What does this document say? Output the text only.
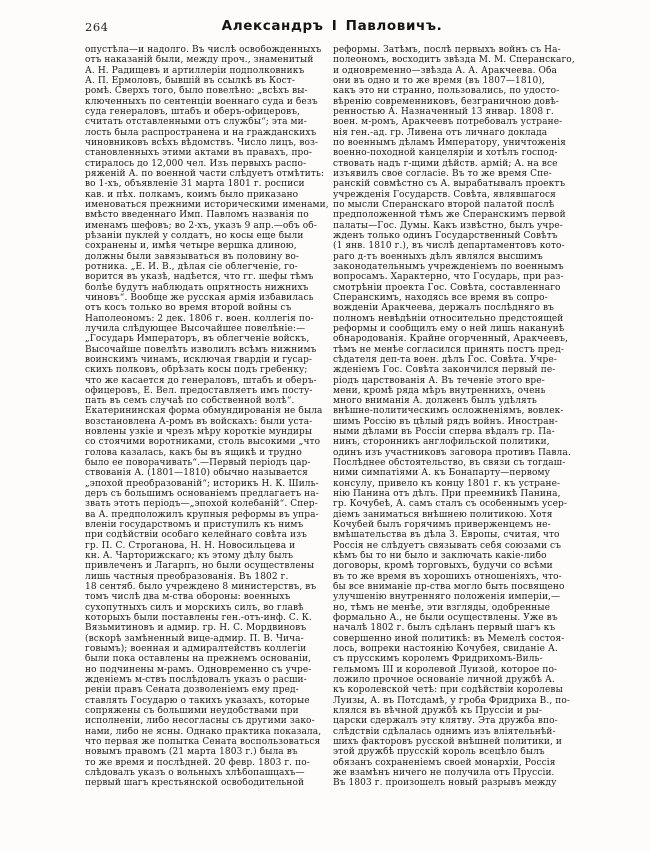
264	Александръ I Павловичъ.
опустѣла—и надолго. Въ числѣ освобожденныхъ
отъ наказаній были, между проч., знаменитый
А. Н. Радищевъ и артиллеріи подполковникъ
А. П. Ермоловъ, бывшій въ ссылкѣ въ Кост-
ромѣ. Сверхъ того, было повелѣно: „всѣхъ вы-
ключенныхъ по сентенціи военнаго суда и безъ
суда генераловъ, штабъ и оберъ-офицеровъ,
считать отставленными отъ службы“; эта ми-
лость была распространена и на гражданскихъ
чиновниковъ всѣхъ вѣдомствъ. Число лицъ, воз-
становленныхъ этими актами въ правахъ, про-
стиралось до 12,000 чел. Изъ первыхъ распо-
ряженій А. по военной части слѣдуетъ отмѣтить:
во 1-хъ, объявленіе 31 марта 1801 г. росписи
кав. и пѣх. полкамъ, коимъ было приказано
именоваться прежними историческими именами,
вмѣсто введеннаго Имп. Павломъ названія по
именамъ шефовъ; во 2-хъ, указъ 9 апр.—объ об-
рѣзаніи пуклей у солдатъ, но косы еще были
сохранены и, имѣя четыре вершка длиною,
должны были завязываться въ половину во-
ротника. „Е. И. В., дѣлая сіе облегченіе, го-
ворится въ указѣ, надѣется, что гг. шефы тѣмъ
болѣе будутъ наблюдать опрятность нижнихъ
чиновъ“. Вообще же русская армія избавилась
отъ косъ только во время второй войны съ
Наполеономъ: 2 дек. 1806 г. воен. коллегія по-
лучила слѣдующее Высочайшее повелѣніе:—
„Государь Императоръ, въ облегченіе войскъ,
Высочайше повелѣть изволилъ всѣмъ нижнимъ
воинскимъ чинамъ, исключая гвардіи и гусар-
скихъ полковъ, обрѣзать косы подъ гребенку;
что же касается до генераловъ, штабъ и оберъ-
офицеровъ, Е. Вел. предоставляетъ имъ посту-
пать въ семъ случаѣ по собственной волѣ“.
Екатерининская форма обмундированія не была
возстановлена А-ромъ въ войскахъ: были уста-
новлены узкіе и чрезъ мѣру короткіе мундиры
со стоячими воротниками, столь высокими „что
голова казалась, какъ бы въ ящикѣ и трудно
было ее поворачивать“.—Первый періодъ цар-
ствованія А. (1801—1810) обычно называется
„эпохой преобразованій“; историкъ Н. К. Шиль-
деръ съ большимъ основаніемъ предлагаетъ на-
звать этотъ періодъ—„эпохой колебаній“. Спер-
ва А. предположилъ крупныя реформы въ упра-
вленіи государствомъ и приступилъ къ нимъ
при содѣйствіи особаго келейнаго совѣта изъ
гр. П. С. Строганова, Н. Н. Новосильцева и
кн. А. Чарторижскаго; къ этому дѣлу былъ
привлеченъ и Лагарпъ, но были осуществлены
лишь частныя преобразованія. Въ 1802 г.
18 сентяб. было учреждено 8 министерствъ, въ
томъ числѣ два м-ства обороны: военныхъ
сухопутныхъ силъ и морскихъ силъ, во главѣ
которыхъ были поставлены ген.-отъ-инф. С. К.
Вязьмитиновъ и адмир. гр. Н. С. Мордвиновъ
(вскорѣ замѣненный вице-адмир. П. В. Чича-
говымъ); военная и адмиралтействъ коллегіи
были пока оставлены на прежнемъ основаніи,
но подчинены м-рамъ. Одновременно съ учре-
жденіемъ м-ствъ послѣдовалъ указъ о расши-
реніи правъ Сената дозволеніемъ ему пред-
ставлять Государю о такихъ указахъ, которые
сопряжены съ большими неудобствами при
исполненіи, либо несогласны съ другими зако-
нами, либо не ясны. Однако практика показала,
что первая же попытка Сената воспользоваться
новымъ правомъ (21 марта 1803 г.) была въ
то же время и послѣдней. 20 февр. 1803 г. по-
слѣдовалъ указъ о вольныхъ хлѣбопашцахъ—
первый шагъ крестьянской освободительной
реформы. Затѣмъ, послѣ первыхъ войнъ съ На-
полеономъ, восходитъ звѣзда М. М. Сперанскаго,
и одновременно—звѣзда А. А. Аракчеева. Оба
они въ одно и то же время (въ 1807—1810),
какъ это ни странно, пользовались, по удосто-
вѣренію современниковъ, безграничною довѣ-
ренностью А. Назначенный 13 январ. 1808 г.
воен. м-ромъ, Аракчеевъ потребовалъ устране-
нія ген.-ад. гр. Ливена отъ личнаго доклада
по военнымъ дѣламъ Императору, уничтоженія
военно-походной канцеляріи и хотѣлъ господ-
ствовать надъ г-щими дѣйств. армій; А. на все
изъявилъ свое согласіе. Въ то же время Спе-
ранскій совмѣстно съ А. вырабатывалъ проектъ
учрежденія Государств. Совѣта, являвшагося
по мысли Сперанскаго второй палатой послѣ
предположенной тѣмъ же Сперанскимъ первой
палаты—Гос. Думы. Какъ извѣстно, былъ учре-
жденъ только одинъ Государственный Совѣтъ
(1 янв. 1810 г.), въ числѣ департаментовъ кото-
раго д-тъ военныхъ дѣлъ являлся высшимъ
законодательнымъ учрежденіемъ по военнымъ
вопросамъ. Характерно, что Государь, при раз-
смотрѣніи проекта Гос. Совѣта, составленнаго
Сперанскимъ, находясь все время въ сопро-
вожденіи Аракчеева, держалъ послѣдняго въ
полномъ невѣдѣніи относительно предстоящей
реформы и сообщилъ ему о ней лишь наканунѣ
обнародованія. Крайне огорченный, Аракчеевъ,
тѣмъ не менѣе согласился принять постъ пред-
сѣдателя деп-та воен. дѣлъ Гос. Совѣта. Учре-
жденіемъ Гос. Совѣта закончился первый пе-
ріодъ царствованія А. Въ теченіе этого вре-
мени, кромѣ ряда мѣръ внутреннихъ, очень
много вниманія А. долженъ былъ удѣлять
внѣшне-политическимъ осложненіямъ, вовлек-
шимъ Россію въ цѣлый рядъ войнъ. Иностран-
ными дѣлами въ Россіи сперва вѣдалъ гр. Па-
нинъ, сторонникъ англофильской политики,
одинъ изъ участниковъ заговора противъ Павла.
Послѣднее обстоятельство, въ связи съ тогдаш-
ними симпатіями А. къ Бонапарту—первому
консулу, привело къ концу 1801 г. къ устране-
нію Панина отъ дѣлъ. При преемникѣ Панина,
гр. Кочубеѣ, А. самъ сталъ съ особеннымъ усер-
діемъ заниматься внѣшнею политикою. Хотя
Кочубей былъ горячимъ приверженцемъ не-
вмѣшательства въ дѣла З. Европы, считая, что
Россія не слѣдуетъ связывать себя союзами съ
кѣмъ бы то ни было и заключать какіе-либо
договоры, кромѣ торговыхъ, будучи со всѣми
въ то же время въ хорошихъ отношеніяхъ, что-
бы все вниманіе пр-ства могло быть посвящено
улучшенію внутренняго положенія имперіи,—
но, тѣмъ не менѣе, эти взгляды, одобренные
формально А., не были осуществлены. Уже въ
началѣ 1802 г. былъ сдѣланъ первый шагъ къ
совершенно иной политикѣ: въ Мемелѣ состоя-
лось, вопреки настоянію Кочубея, свиданіе А.
съ прусскимъ королемъ Фридрихомъ-Виль-
гельмомъ III и королевой Луизой, которое по-
ложило прочное основаніе личной дружбѣ А.
къ королевской четѣ: при содѣйствіи королевы
Луизы, А. въ Потсдамѣ, у гроба Фридриха В., по-
клялся въ вѣчной дружбѣ къ Пруссіи и ры-
царски сдержалъ эту клятву. Эта дружба впо-
слѣдствіи сдѣлалась однимъ изъ вліятельнѣй-
шихъ факторовъ русской внѣшней политики, и
этой дружбѣ прусскій король всецѣло былъ
обязанъ сохраненіемъ своей монархіи, Россія
же взамѣнъ ничего не получила отъ Пруссіи.
Въ 1803 г. произошелъ новый разрывъ между
